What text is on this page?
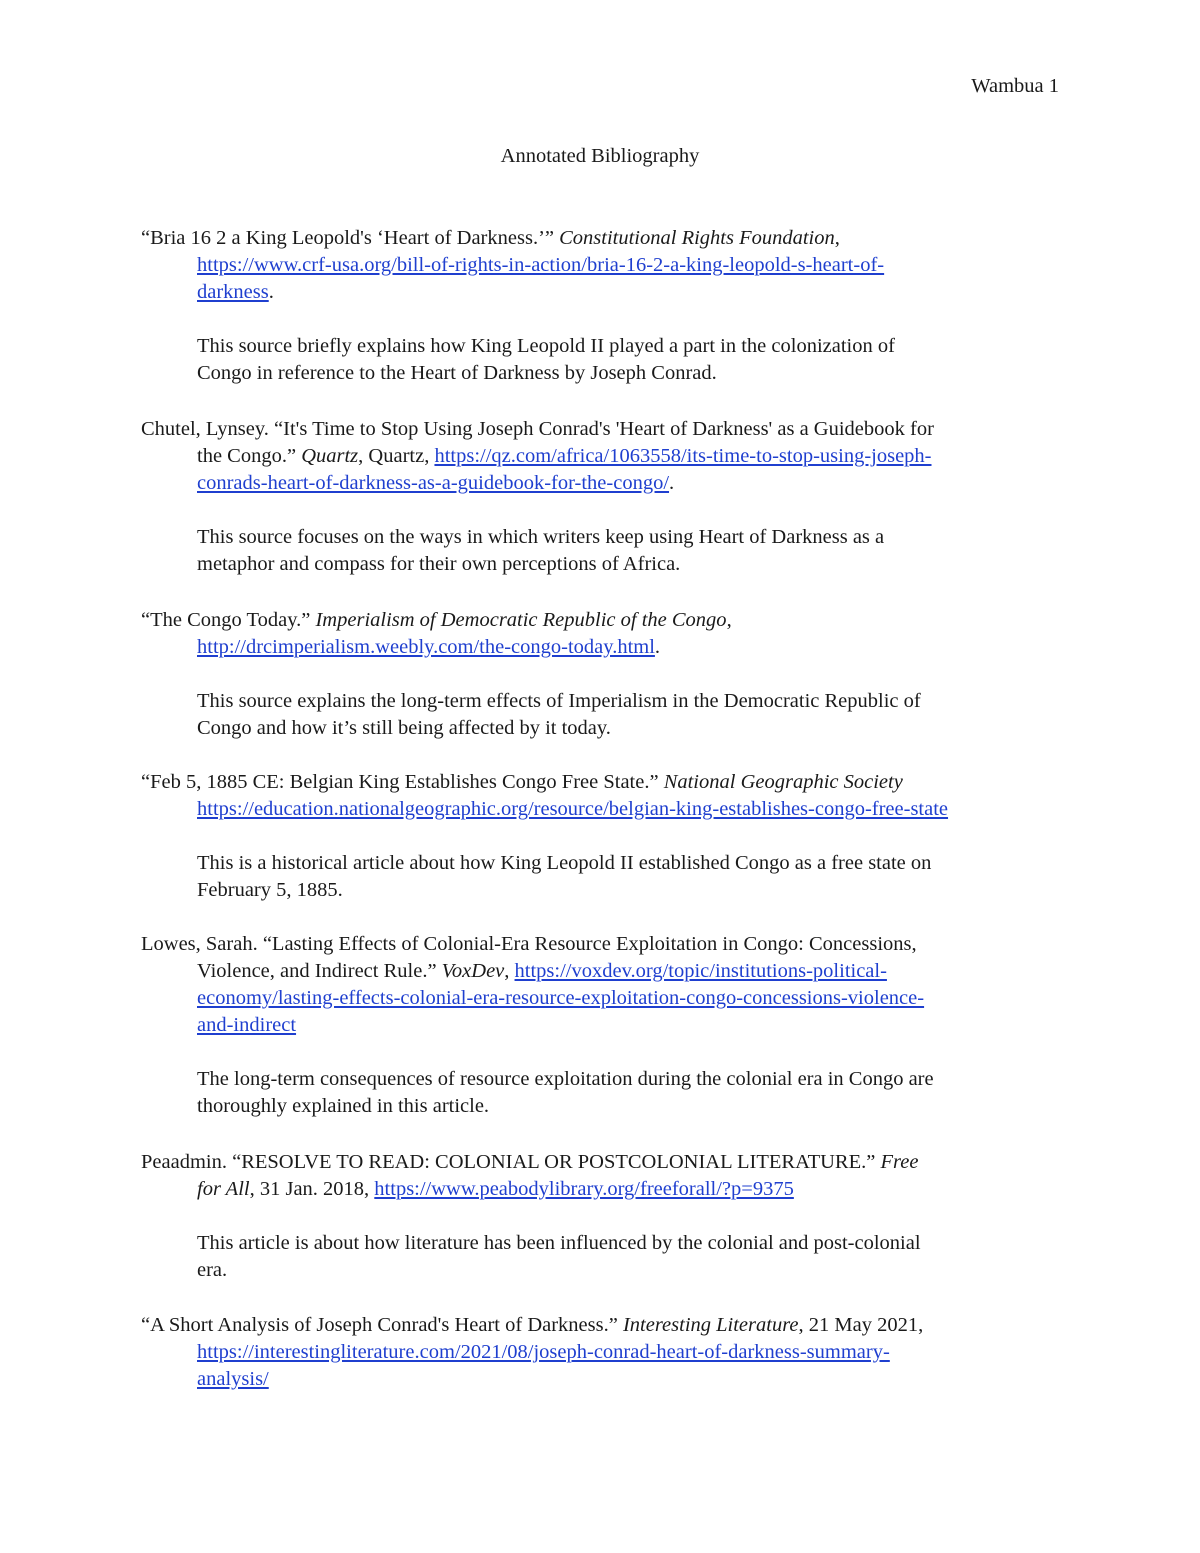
Wambua 1
Annotated Bibliography
“Bria 16 2 a King Leopold's ‘Heart of Darkness.’” Constitutional Rights Foundation,
https://www.crf-usa.org/bill-of-rights-in-action/bria-16-2-a-king-leopold-s-heart-of-
darkness.
This source briefly explains how King Leopold II played a part in the colonization of
Congo in reference to the Heart of Darkness by Joseph Conrad.
Chutel, Lynsey. “It's Time to Stop Using Joseph Conrad's 'Heart of Darkness' as a Guidebook for
the Congo.” Quartz, Quartz, https://qz.com/africa/1063558/its-time-to-stop-using-joseph-
conrads-heart-of-darkness-as-a-guidebook-for-the-congo/.
This source focuses on the ways in which writers keep using Heart of Darkness as a
metaphor and compass for their own perceptions of Africa.
“The Congo Today.” Imperialism of Democratic Republic of the Congo,
http://drcimperialism.weebly.com/the-congo-today.html.
This source explains the long-term effects of Imperialism in the Democratic Republic of
Congo and how it’s still being affected by it today.
“Feb 5, 1885 CE: Belgian King Establishes Congo Free State.” National Geographic Society
https://education.nationalgeographic.org/resource/belgian-king-establishes-congo-free-state
This is a historical article about how King Leopold II established Congo as a free state on
February 5, 1885.
Lowes, Sarah. “Lasting Effects of Colonial-Era Resource Exploitation in Congo: Concessions,
Violence, and Indirect Rule.” VoxDev, https://voxdev.org/topic/institutions-political-
economy/lasting-effects-colonial-era-resource-exploitation-congo-concessions-violence-
and-indirect
The long-term consequences of resource exploitation during the colonial era in Congo are
thoroughly explained in this article.
Peaadmin. “RESOLVE TO READ: COLONIAL OR POSTCOLONIAL LITERATURE.” Free
for All, 31 Jan. 2018, https://www.peabodylibrary.org/freeforall/?p=9375
This article is about how literature has been influenced by the colonial and post-colonial
era.
“A Short Analysis of Joseph Conrad's Heart of Darkness.” Interesting Literature, 21 May 2021,
https://interestingliterature.com/2021/08/joseph-conrad-heart-of-darkness-summary-
analysis/
